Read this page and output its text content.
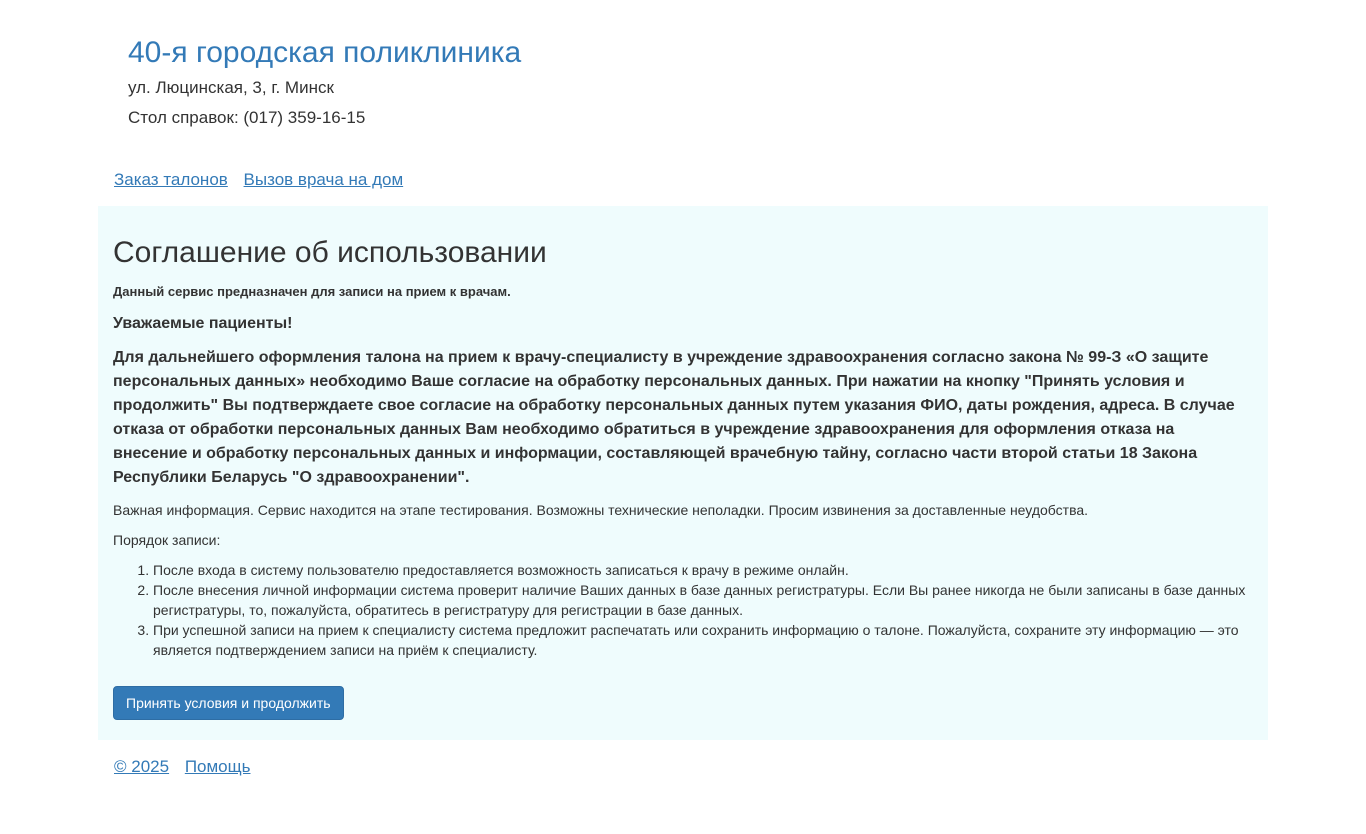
40-я городская поликлиника
ул. Люцинская, 3, г. Минск
Стол справок: (017) 359-16-15
Заказ талонов Вызов врача на дом
Соглашение об использовании
Данный сервис предназначен для записи на прием к врачам.
Уважаемые пациенты!
Для дальнейшего оформления талона на прием к врачу-специалисту в учреждение здравоохранения согласно закона № 99-З «О защите персональных данных» необходимо Ваше согласие на обработку персональных данных. При нажатии на кнопку "Принять условия и продолжить" Вы подтверждаете свое согласие на обработку персональных данных путем указания ФИО, даты рождения, адреса. В случае отказа от обработки персональных данных Вам необходимо обратиться в учреждение здравоохранения для оформления отказа на внесение и обработку персональных данных и информации, составляющей врачебную тайну, согласно части второй статьи 18 Закона Республики Беларусь "О здравоохранении".
Важная информация. Сервис находится на этапе тестирования. Возможны технические неполадки. Просим извинения за доставленные неудобства.
Порядок записи:
1. После входа в систему пользователю предоставляется возможность записаться к врачу в режиме онлайн.
2. После внесения личной информации система проверит наличие Ваших данных в базе данных регистратуры. Если Вы ранее никогда не были записаны в базе данных регистратуры, то, пожалуйста, обратитесь в регистратуру для регистрации в базе данных.
3. При успешной записи на прием к специалисту система предложит распечатать или сохранить информацию о талоне. Пожалуйста, сохраните эту информацию — это является подтверждением записи на приём к специалисту.
Принять условия и продолжить
© 2025 Помощь
